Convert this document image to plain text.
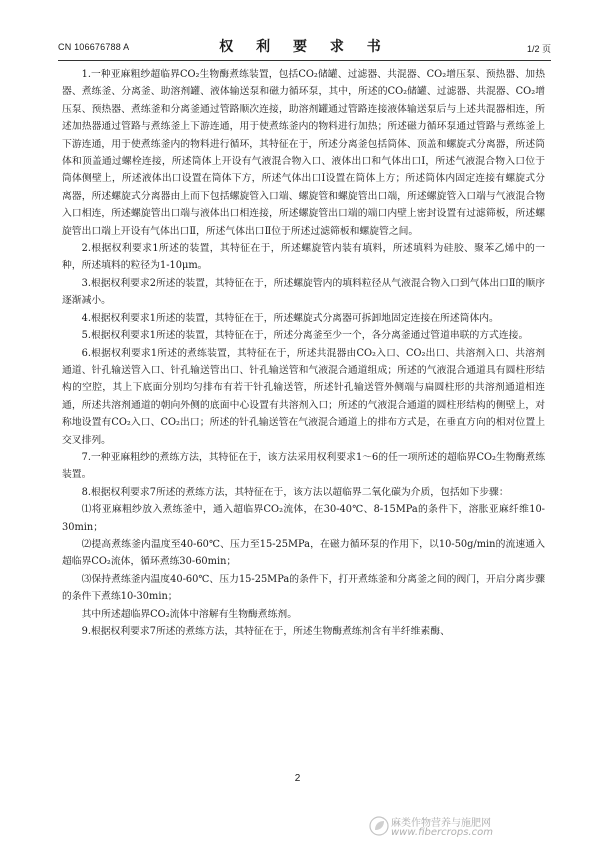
CN 106676788 A	权 利 要 求 书	1/2 页

1.一种亚麻粗纱超临界CO₂生物酶煮练装置，包括CO₂储罐、过滤器、共混器、CO₂增压泵、预热器、加热器、煮练釜、分离釜、助溶剂罐、液体输送泵和磁力循环泵，其中，所述的CO₂储罐、过滤器、共混器、CO₂增压泵、预热器、煮练釜和分离釜通过管路顺次连接，助溶剂罐通过管路连接液体输送泵后与上述共混器相连，所述加热器通过管路与煮练釜上下游连通，用于使煮练釜内的物料进行加热；所述磁力循环泵通过管路与煮练釜上下游连通，用于使煮练釜内的物料进行循环，其特征在于，所述分离釜包括筒体、顶盖和螺旋式分离器，所述筒体和顶盖通过螺栓连接，所述筒体上开设有气液混合物入口、液体出口和气体出口Ⅰ，所述气液混合物入口位于筒体侧壁上，所述液体出口设置在筒体下方，所述气体出口Ⅰ设置在筒体上方；所述筒体内固定连接有螺旋式分离器，所述螺旋式分离器由上而下包括螺旋管入口端、螺旋管和螺旋管出口端，所述螺旋管入口端与气液混合物入口相连，所述螺旋管出口端与液体出口相连接，所述螺旋管出口端的端口内壁上密封设置有过滤筛板，所述螺旋管出口端上开设有气体出口Ⅱ，所述气体出口Ⅱ位于所述过滤筛板和螺旋管之间。

2.根据权利要求1所述的装置，其特征在于，所述螺旋管内装有填料，所述填料为硅胶、聚苯乙烯中的一种，所述填料的粒径为1-10μm。

3.根据权利要求2所述的装置，其特征在于，所述螺旋管内的填料粒径从气液混合物入口到气体出口Ⅱ的顺序逐渐减小。

4.根据权利要求1所述的装置，其特征在于，所述螺旋式分离器可拆卸地固定连接在所述筒体内。

5.根据权利要求1所述的装置，其特征在于，所述分离釜至少一个，各分离釜通过管道串联的方式连接。

6.根据权利要求1所述的煮练装置，其特征在于，所述共混器由CO₂入口、CO₂出口、共溶剂入口、共溶剂通道、针孔输送管入口、针孔输送管出口、针孔输送管和气液混合通道组成；所述的气液混合通道具有圆柱形结构的空腔，其上下底面分别均匀排布有若干针孔输送管，所述针孔输送管外侧端与扁圆柱形的共溶剂通道相连通，所述共溶剂通道的朝向外侧的底面中心设置有共溶剂入口；所述的气液混合通道的圆柱形结构的侧壁上，对称地设置有CO₂入口、CO₂出口；所述的针孔输送管在气液混合通道上的排布方式是，在垂直方向的相对位置上交叉排列。

7.一种亚麻粗纱的煮练方法，其特征在于，该方法采用权利要求1～6的任一项所述的超临界CO₂生物酶煮练装置。

8.根据权利要求7所述的煮练方法，其特征在于，该方法以超临界二氧化碳为介质，包括如下步骤：

⑴将亚麻粗纱放入煮练釜中，通入超临界CO₂流体，在30-40℃、8-15MPa的条件下，溶胀亚麻纤维10-30min；

⑵提高煮练釜内温度至40-60℃、压力至15-25MPa，在磁力循环泵的作用下，以10-50g/min的流速通入超临界CO₂流体，循环煮练30-60min；

⑶保持煮练釜内温度40-60℃、压力15-25MPa的条件下，打开煮练釜和分离釜之间的阀门，开启分离步骤的条件下煮练10-30min；

其中所述超临界CO₂流体中溶解有生物酶煮练剂。

9.根据权利要求7所述的煮练方法，其特征在于，所述生物酶煮练剂含有半纤维素酶、

2
麻类作物营养与施肥网
www.fibercrops.com
